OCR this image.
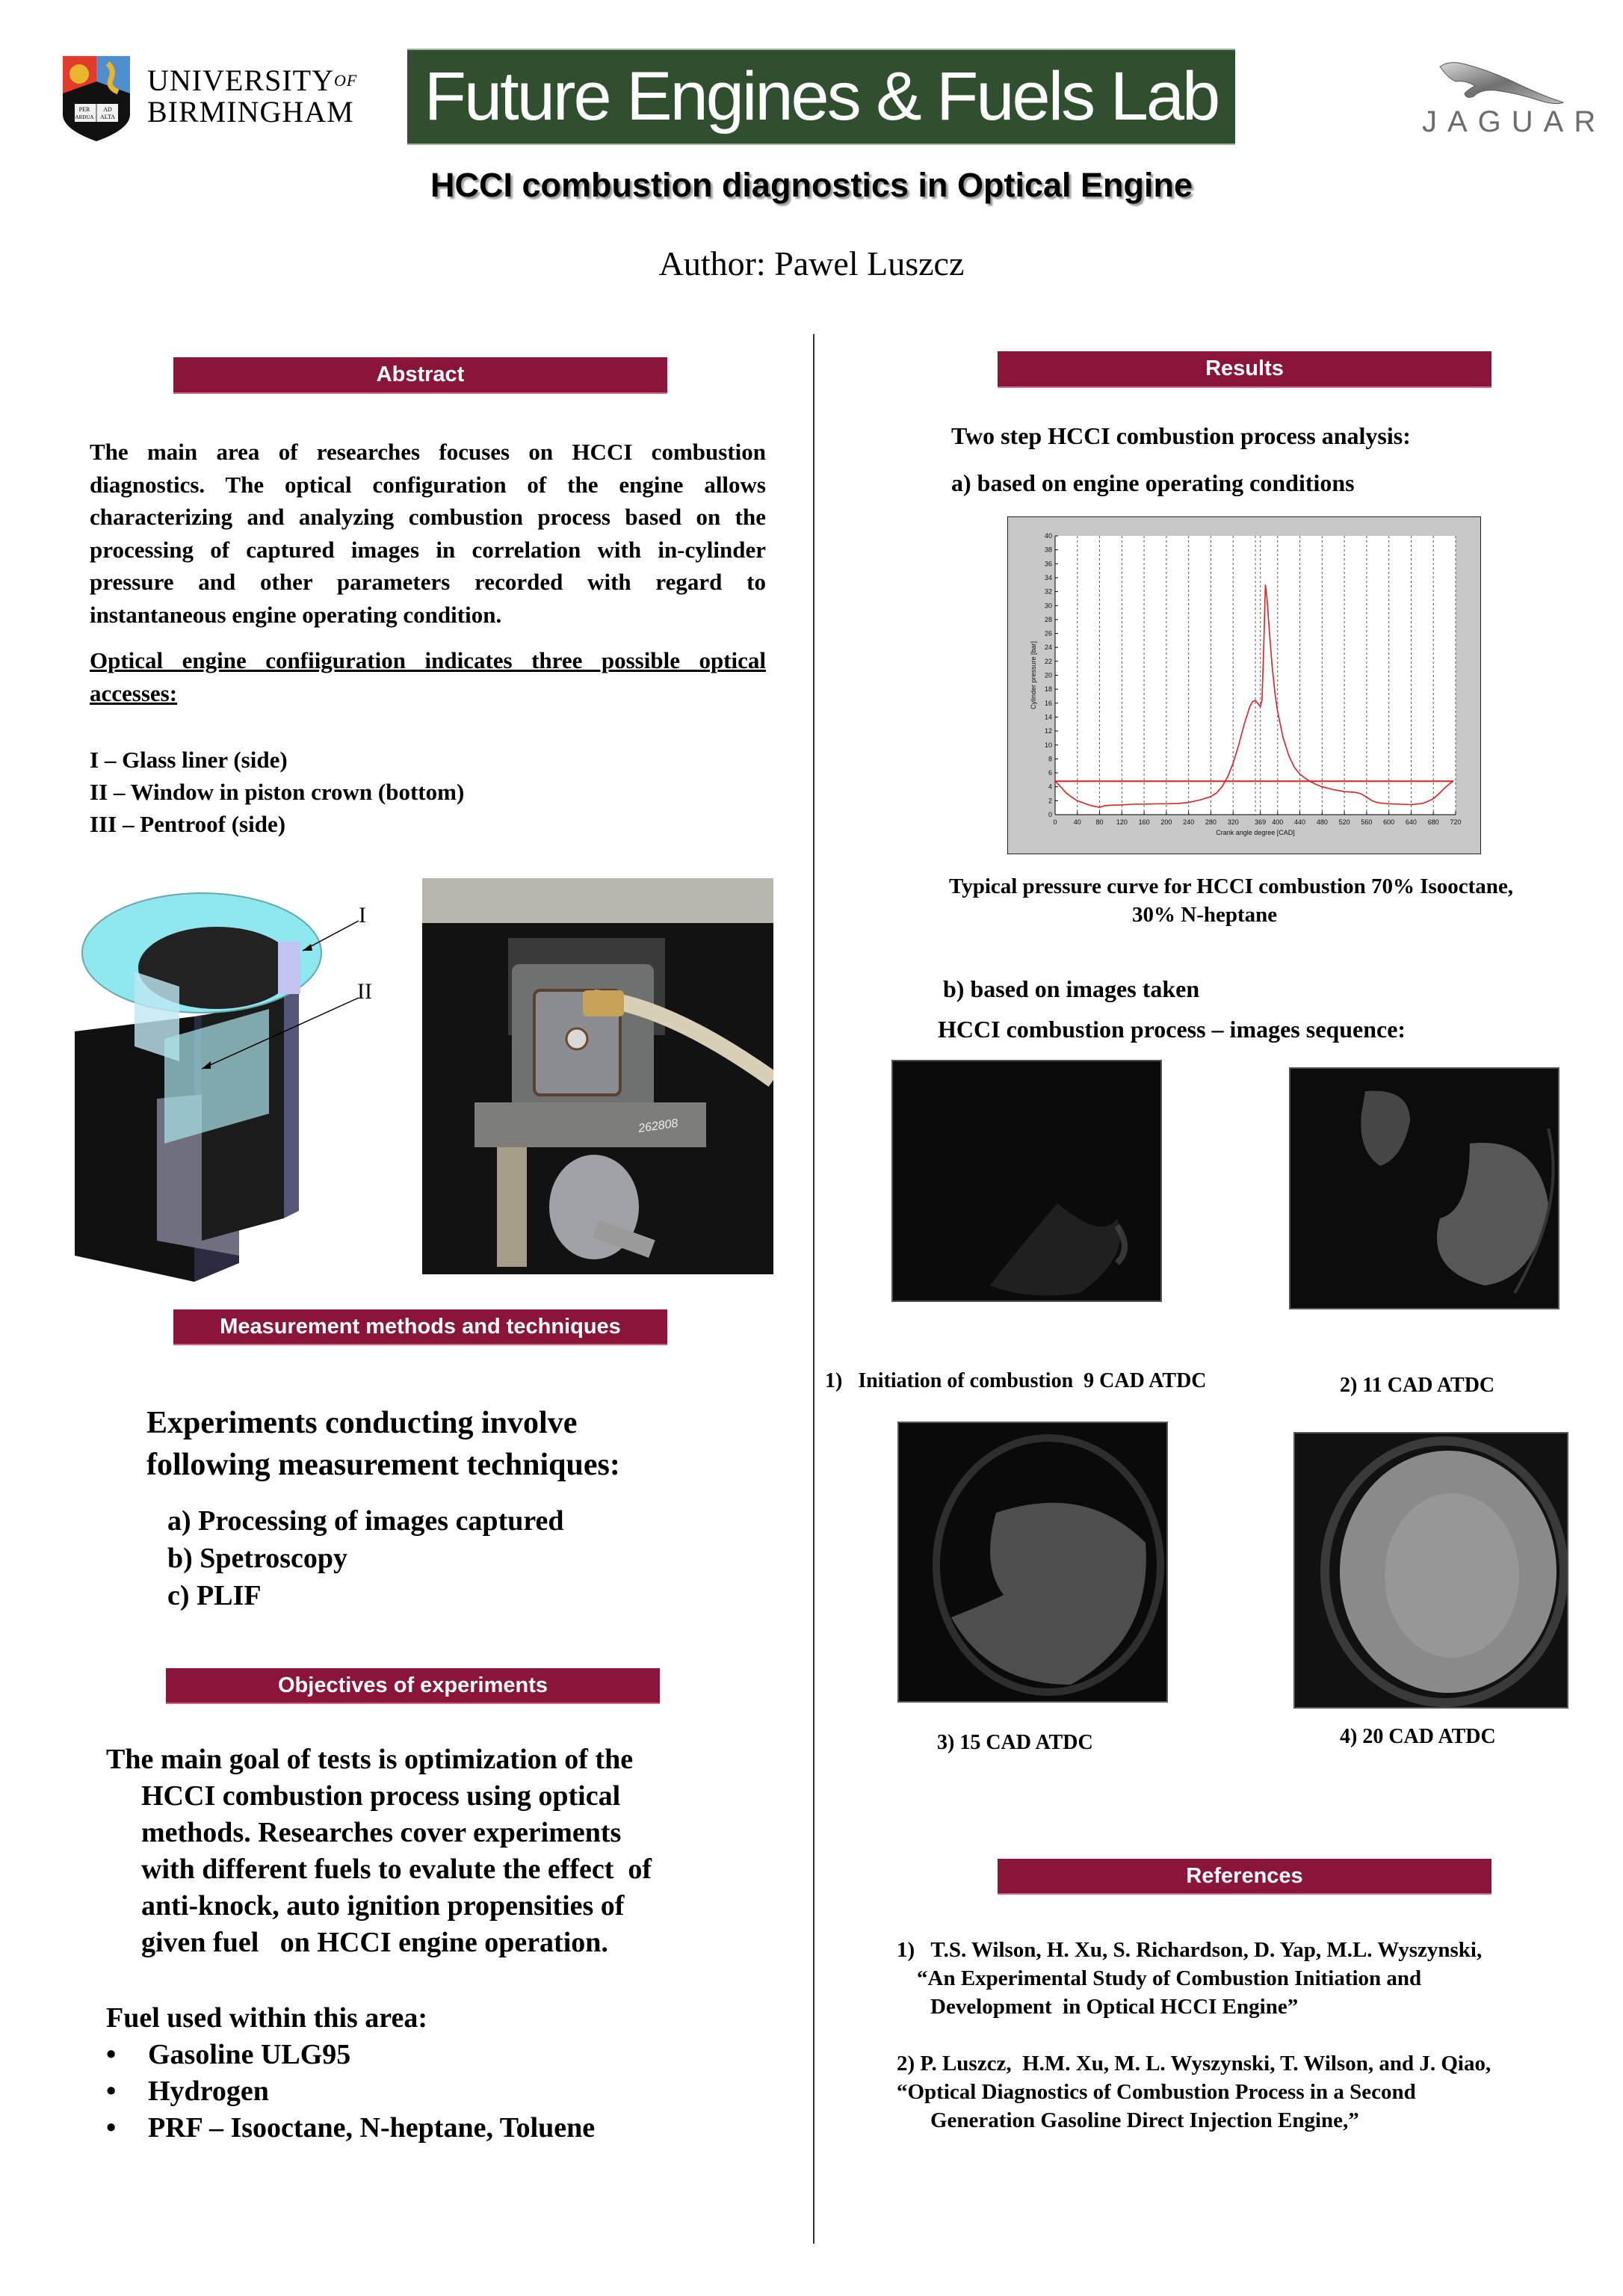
PER AD
ARDUA ALTA
$UNIVERSITY^{OF}$
BIRMINGHAM Future Engines & Fuels Lab	JAGUAR
HCCI combustion diagnostics in Optical Engine
Author: Pawel Luszcz
Abstract
The main area of researches focuses on HCCI combustion diagnostics. The optical configuration of the engine allows characterizing and analyzing combustion process based on the processing of captured images in correlation with in-cylinder pressure and other parameters recorded with regard to instantaneous engine operating condition.
Optical engine confiiguration indicates three possible optical accesses:
I – Glass liner (side)
II – Window in piston crown (bottom)
III – Pentroof (side)
I
II
262808
Measurement methods and techniques
Experiments conducting involve
following measurement techniques:
a) Processing of images captured
b) Spetroscopy
c) PLIF
Objectives of experiments
The main goal of tests is optimization of the
HCCI combustion process using optical
methods. Researches cover experiments
with different fuels to evalute the effect  of
anti-knock, auto ignition propensities of
given fuel   on HCCI engine operation.
Fuel used within this area:
• Gasoline ULG95
• Hydrogen
• PRF – Isooctane, N-heptane, Toluene
Results
Two step HCCI combustion process analysis:
a) based on engine operating conditions
0
2
4
6
8
10
12
14
16
18
20
22
24
26
28
30
32
34
36
38
40
0 40 80 120 160 200 240 280 320 369 400 440 480 520 560 600 640 680 720
Crank angle degree [CAD]
Cylinder pressure [bar]
Typical pressure curve for HCCI combustion 70% Isooctane,
30% N-heptane
b) based on images taken
HCCI combustion process – images sequence:
1)   Initiation of combustion  9 CAD ATDC	2) 11 CAD ATDC
3) 15 CAD ATDC	4) 20 CAD ATDC
References
1)   T.S. Wilson, H. Xu, S. Richardson, D. Yap, M.L. Wyszynski,
“An Experimental Study of Combustion Initiation and
Development  in Optical HCCI Engine”
2) P. Luszcz,  H.M. Xu, M. L. Wyszynski, T. Wilson, and J. Qiao,
“Optical Diagnostics of Combustion Process in a Second
Generation Gasoline Direct Injection Engine,”
